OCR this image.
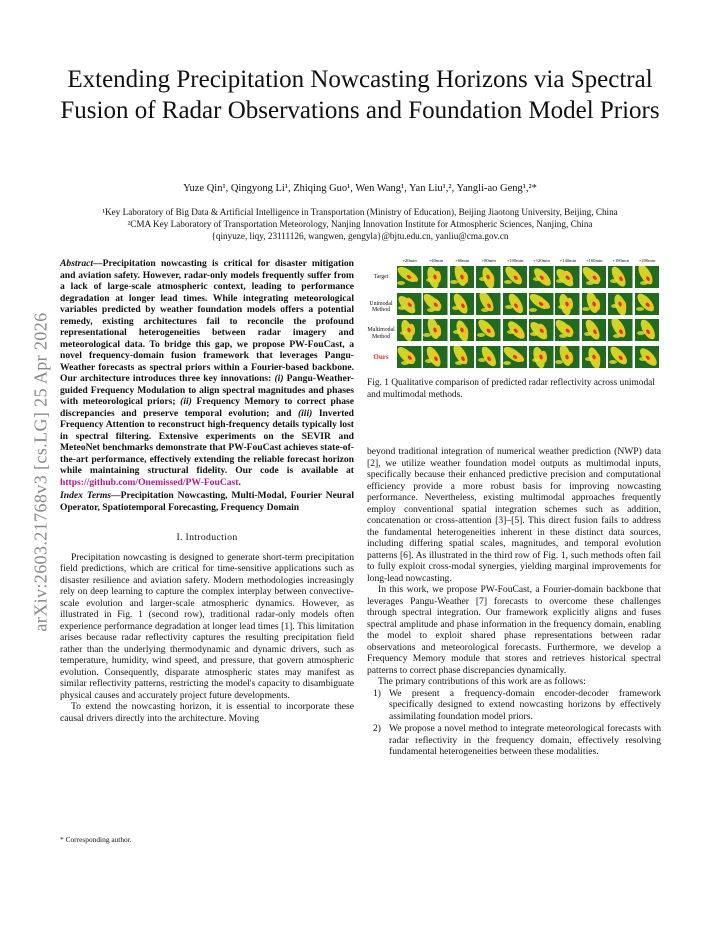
Extending Precipitation Nowcasting Horizons via Spectral Fusion of Radar Observations and Foundation Model Priors
Yuze Qin¹, Qingyong Li¹, Zhiqing Guo¹, Wen Wang¹, Yan Liu¹,², Yangli-ao Geng¹,²*
¹Key Laboratory of Big Data & Artificial Intelligence in Transportation (Ministry of Education), Beijing Jiaotong University, Beijing, China
²CMA Key Laboratory of Transportation Meteorology, Nanjing Innovation Institute for Atmospheric Sciences, Nanjing, China
{qinyuze, liqy, 23111126, wangwen, gengyla}@bjtu.edu.cn, yanliu@cma.gov.cn
arXiv:2603.21768v3 [cs.LG] 25 Apr 2026

Abstract—Precipitation nowcasting is critical for disaster mitigation and aviation safety. However, radar-only models frequently suffer from a lack of large-scale atmospheric context, leading to performance degradation at longer lead times. While integrating meteorological variables predicted by weather foundation models offers a potential remedy, existing architectures fail to reconcile the profound representational heterogeneities between radar imagery and meteorological data. To bridge this gap, we propose PW-FouCast, a novel frequency-domain fusion framework that leverages Pangu-Weather forecasts as spectral priors within a Fourier-based backbone. Our architecture introduces three key innovations: (i) Pangu-Weather-guided Frequency Modulation to align spectral magnitudes and phases with meteorological priors; (ii) Frequency Memory to correct phase discrepancies and preserve temporal evolution; and (iii) Inverted Frequency Attention to reconstruct high-frequency details typically lost in spectral filtering. Extensive experiments on the SEVIR and MeteoNet benchmarks demonstrate that PW-FouCast achieves state-of-the-art performance, effectively extending the reliable forecast horizon while maintaining structural fidelity. Our code is available at https://github.com/Onemissed/PW-FouCast.

Index Terms—Precipitation Nowcasting, Multi-Modal, Fourier Neural Operator, Spatiotemporal Forecasting, Frequency Domain

I. Introduction

Precipitation nowcasting is designed to generate short-term precipitation field predictions, which are critical for time-sensitive applications such as disaster resilience and aviation safety. Modern methodologies increasingly rely on deep learning to capture the complex interplay between convective-scale evolution and larger-scale atmospheric dynamics. However, as illustrated in Fig. 1 (second row), traditional radar-only models often experience performance degradation at longer lead times [1]. This limitation arises because radar reflectivity captures the resulting precipitation field rather than the underlying thermodynamic and dynamic drivers, such as temperature, humidity, wind speed, and pressure, that govern atmospheric evolution. Consequently, disparate atmospheric states may manifest as similar reflectivity patterns, restricting the model's capacity to disambiguate physical causes and accurately project future developments.

To extend the nowcasting horizon, it is essential to incorporate these causal drivers directly into the architecture. Moving

* Corresponding author.
+20min	+40min	+60min	+80min	+100min	+120min	+140min	+160min	+180min	+200min
Target
Unimodal Method
Multimodal Method
Ours
Fig. 1 Qualitative comparison of predicted radar reflectivity across unimodal and multimodal methods.

beyond traditional integration of numerical weather prediction (NWP) data [2], we utilize weather foundation model outputs as multimodal inputs, specifically because their enhanced predictive precision and computational efficiency provide a more robust basis for improving nowcasting performance. Nevertheless, existing multimodal approaches frequently employ conventional spatial integration schemes such as addition, concatenation or cross-attention [3]–[5]. This direct fusion fails to address the fundamental heterogeneities inherent in these distinct data sources, including differing spatial scales, magnitudes, and temporal evolution patterns [6]. As illustrated in the third row of Fig. 1, such methods often fail to fully exploit cross-modal synergies, yielding marginal improvements for long-lead nowcasting.

In this work, we propose PW-FouCast, a Fourier-domain backbone that leverages Pangu-Weather [7] forecasts to overcome these challenges through spectral integration. Our framework explicitly aligns and fuses spectral amplitude and phase information in the frequency domain, enabling the model to exploit shared phase representations between radar observations and meteorological forecasts. Furthermore, we develop a Frequency Memory module that stores and retrieves historical spectral patterns to correct phase discrepancies dynamically.

The primary contributions of this work are as follows:

1) We present a frequency-domain encoder-decoder framework specifically designed to extend nowcasting horizons by effectively assimilating foundation model priors.
2) We propose a novel method to integrate meteorological forecasts with radar reflectivity in the frequency domain, effectively resolving fundamental heterogeneities between these modalities.
